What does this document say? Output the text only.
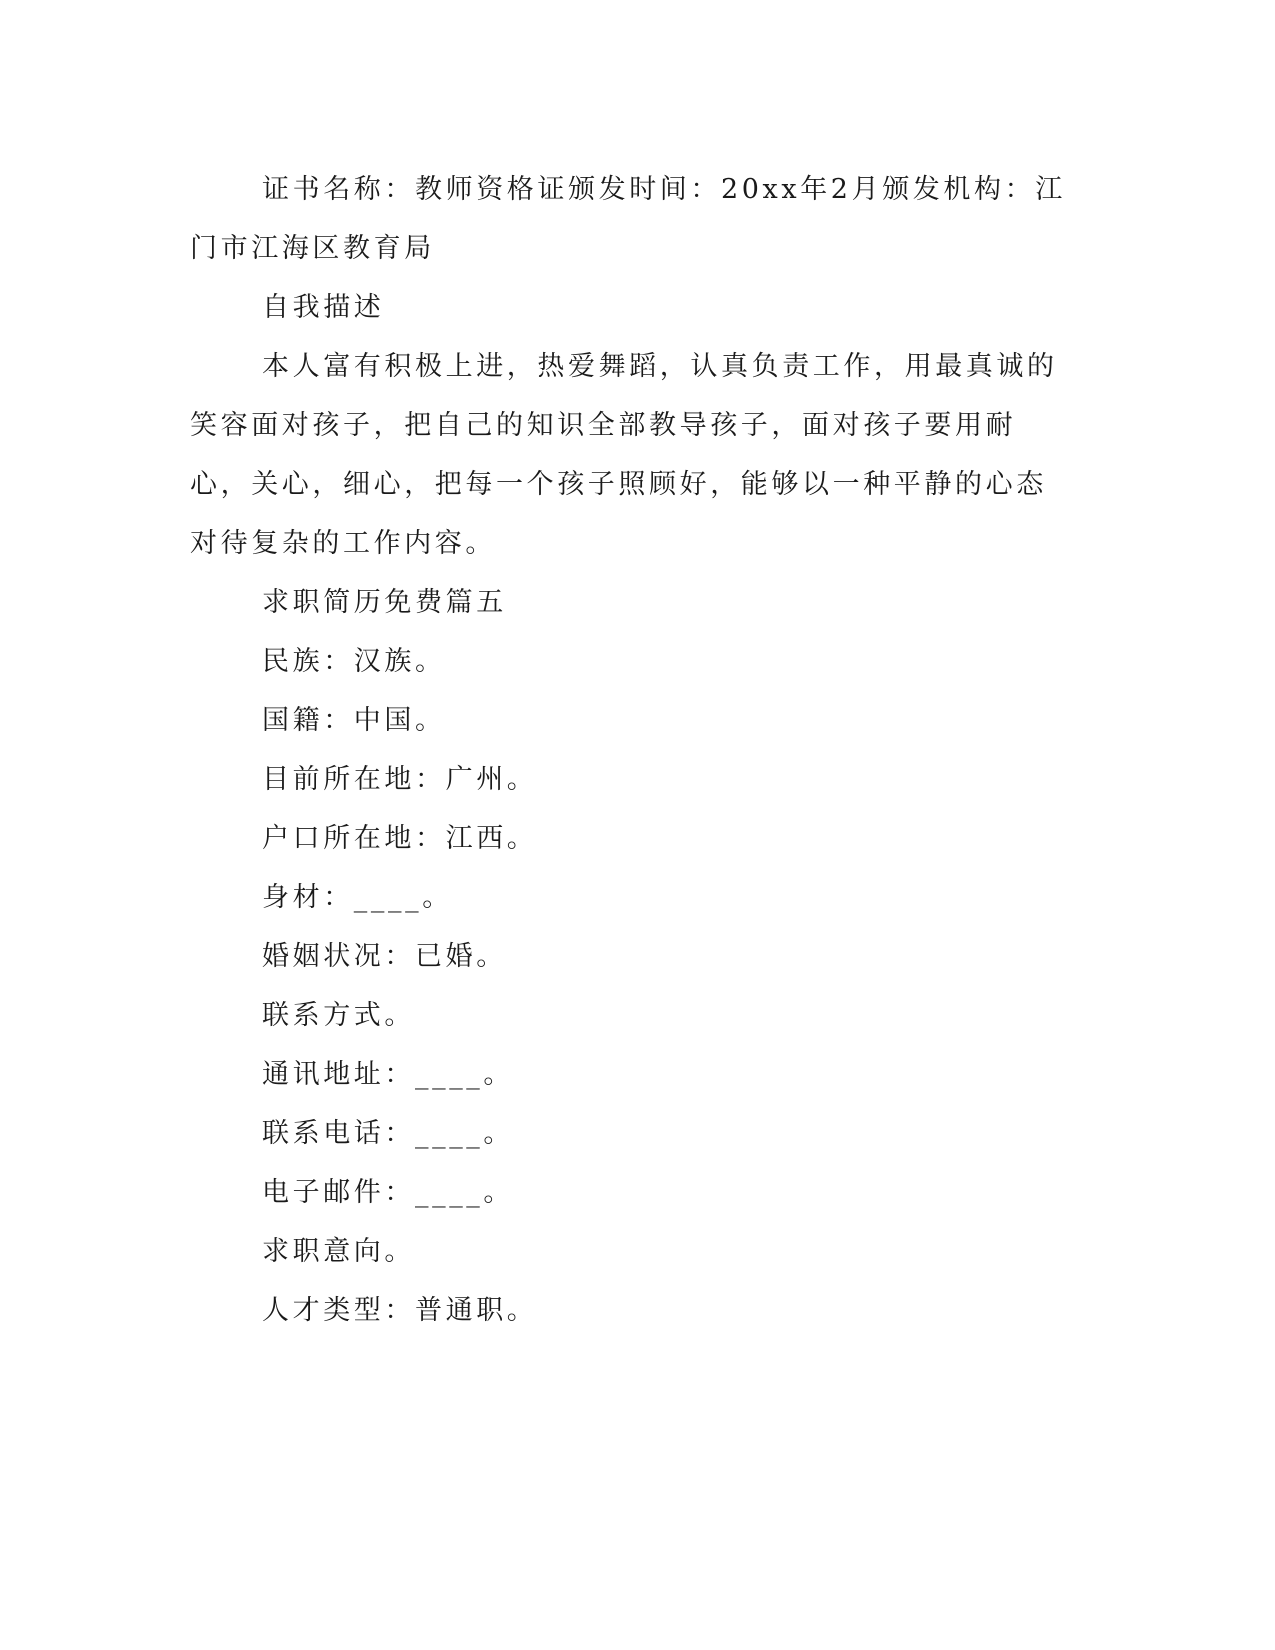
证书名称：教师资格证颁发时间：20xx年2月颁发机构：江门市江海区教育局

自我描述

本人富有积极上进，热爱舞蹈，认真负责工作，用最真诚的笑容面对孩子，把自己的知识全部教导孩子，面对孩子要用耐心，关心，细心，把每一个孩子照顾好，能够以一种平静的心态对待复杂的工作内容。

求职简历免费篇五

民族：汉族。

国籍：中国。

目前所在地：广州。

户口所在地：江西。

身材：____。

婚姻状况：已婚。

联系方式。

通讯地址：____。

联系电话：____。

电子邮件：____。

求职意向。

人才类型：普通职。
